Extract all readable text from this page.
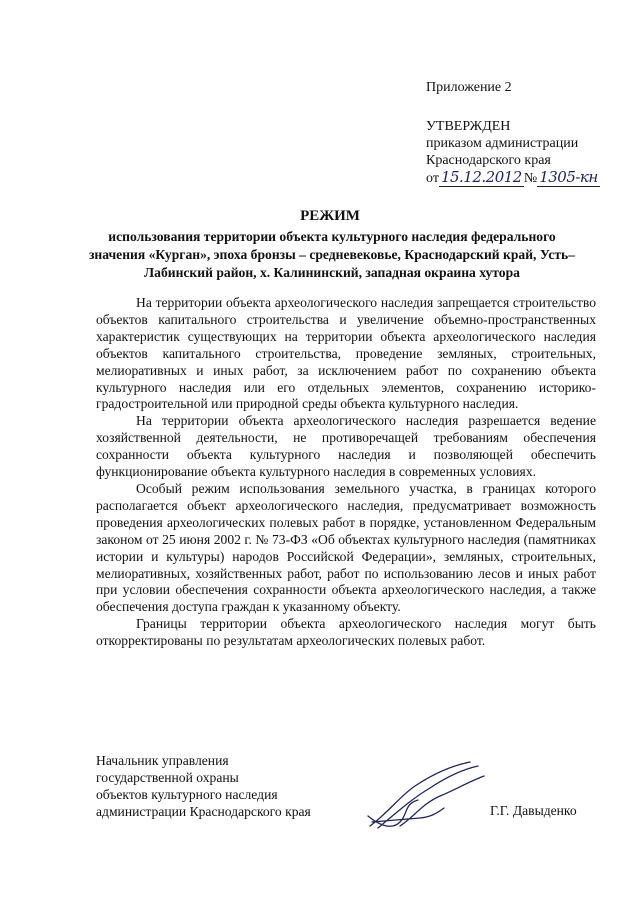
Приложение 2
УТВЕРЖДЕН
приказом администрации
Краснодарского края
от 15.12.2012 № 1305-кн
РЕЖИМ
использования территории объекта культурного наследия федерального значения «Курган», эпоха бронзы – средневековье, Краснодарский край, Усть–Лабинский район, х. Калининский, западная окраина хутора

На территории объекта археологического наследия запрещается строительство объектов капитального строительства и увеличение объемно-пространственных характеристик существующих на территории объекта археологического наследия объектов капитального строительства, проведение земляных, строительных, мелиоративных и иных работ, за исключением работ по сохранению объекта культурного наследия или его отдельных элементов, сохранению историко-градостроительной или природной среды объекта культурного наследия.

На территории объекта археологического наследия разрешается ведение хозяйственной деятельности, не противоречащей требованиям обеспечения сохранности объекта культурного наследия и позволяющей обеспечить функционирование объекта культурного наследия в современных условиях.

Особый режим использования земельного участка, в границах которого располагается объект археологического наследия, предусматривает возможность проведения археологических полевых работ в порядке, установленном Федеральным законом от 25 июня 2002 г. № 73-ФЗ «Об объектах культурного наследия (памятниках истории и культуры) народов Российской Федерации», земляных, строительных, мелиоративных, хозяйственных работ, работ по использованию лесов и иных работ при условии обеспечения сохранности объекта археологического наследия, а также обеспечения доступа граждан к указанному объекту.

Границы территории объекта археологического наследия могут быть откорректированы по результатам археологических полевых работ.

Начальник управления
государственной охраны
объектов культурного наследия
администрации Краснодарского края	Г.Г. Давыденко
